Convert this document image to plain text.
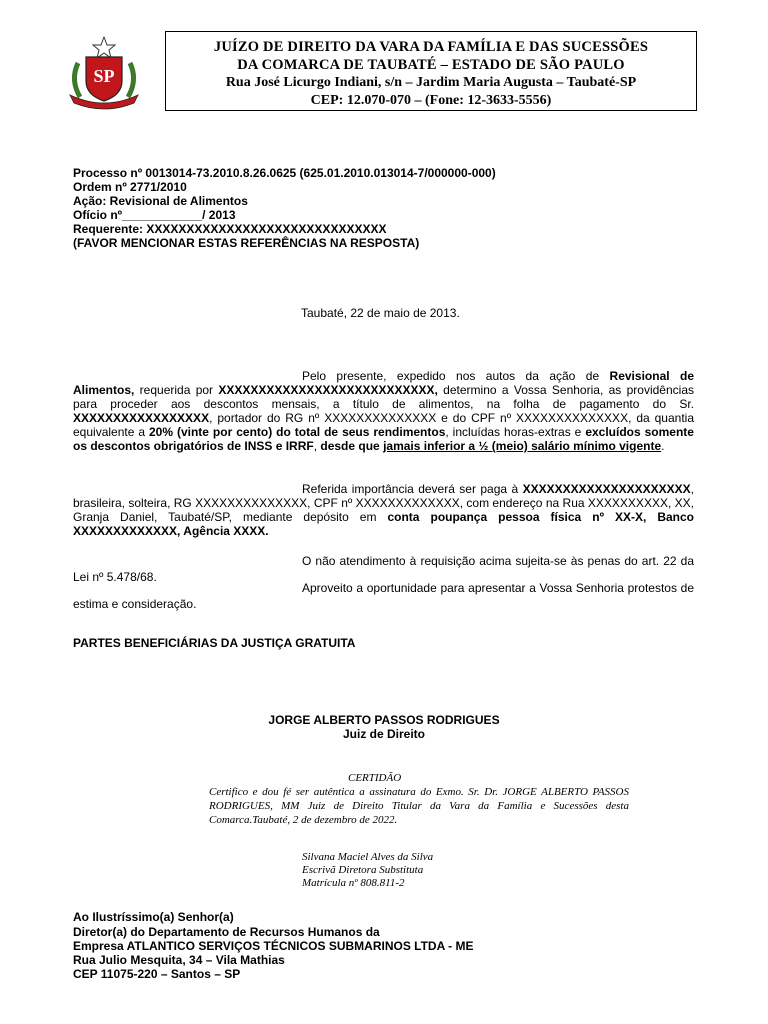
SP
JUÍZO DE DIREITO DA VARA DA FAMÍLIA E DAS SUCESSÕES
DA COMARCA DE TAUBATÉ – ESTADO DE SÃO PAULO
Rua José Licurgo Indiani, s/n – Jardim Maria Augusta – Taubaté-SP
CEP: 12.070-070 – (Fone: 12-3633-5556)
Processo nº 0013014-73.2010.8.26.0625 (625.01.2010.013014-7/000000-000)
Ordem nº 2771/2010
Ação: Revisional de Alimentos
Ofício nº____________/ 2013
Requerente: XXXXXXXXXXXXXXXXXXXXXXXXXXXXXX
(FAVOR MENCIONAR ESTAS REFERÊNCIAS NA RESPOSTA)
Taubaté, 22 de maio de 2013.
Pelo presente, expedido nos autos da ação de Revisional de Alimentos, requerida por XXXXXXXXXXXXXXXXXXXXXXXXXXX, determino a Vossa Senhoria, as providências para proceder aos descontos mensais, a título de alimentos, na folha de pagamento do Sr. XXXXXXXXXXXXXXXXX, portador do RG nº XXXXXXXXXXXXXX e do CPF nº XXXXXXXXXXXXXX, da quantia equivalente a 20% (vinte por cento) do total de seus rendimentos, incluídas horas-extras e excluídos somente os descontos obrigatórios de INSS e IRRF, desde que jamais inferior a ½ (meio) salário mínimo vigente.
Referida importância deverá ser paga à XXXXXXXXXXXXXXXXXXXXX, brasileira, solteira, RG XXXXXXXXXXXXXX, CPF nº XXXXXXXXXXXXX, com endereço na Rua XXXXXXXXXX, XX, Granja Daniel, Taubaté/SP, mediante depósito em conta poupança pessoa física nº XX-X, Banco XXXXXXXXXXXXX, Agência XXXX.
O não atendimento à requisição acima sujeita-se às penas do art. 22 da Lei nº 5.478/68.
Aproveito a oportunidade para apresentar a Vossa Senhoria protestos de estima e consideração.
PARTES BENEFICIÁRIAS DA JUSTIÇA GRATUITA
JORGE ALBERTO PASSOS RODRIGUES
Juiz de Direito
CERTIDÃO
Certifico e dou fé ser autêntica a assinatura do Exmo. Sr. Dr. JORGE ALBERTO PASSOS RODRIGUES, MM Juiz de Direito Titular da Vara da Família e Sucessões desta Comarca.Taubaté, 2 de dezembro de 2022.
Silvana Maciel Alves da Silva
Escrivã Diretora Substituta
Matrícula nº 808.811-2
Ao Ilustríssimo(a) Senhor(a)
Diretor(a) do Departamento de Recursos Humanos da
Empresa ATLANTICO SERVIÇOS TÉCNICOS SUBMARINOS LTDA - ME
Rua Julio Mesquita, 34 – Vila Mathias
CEP 11075-220 – Santos – SP
